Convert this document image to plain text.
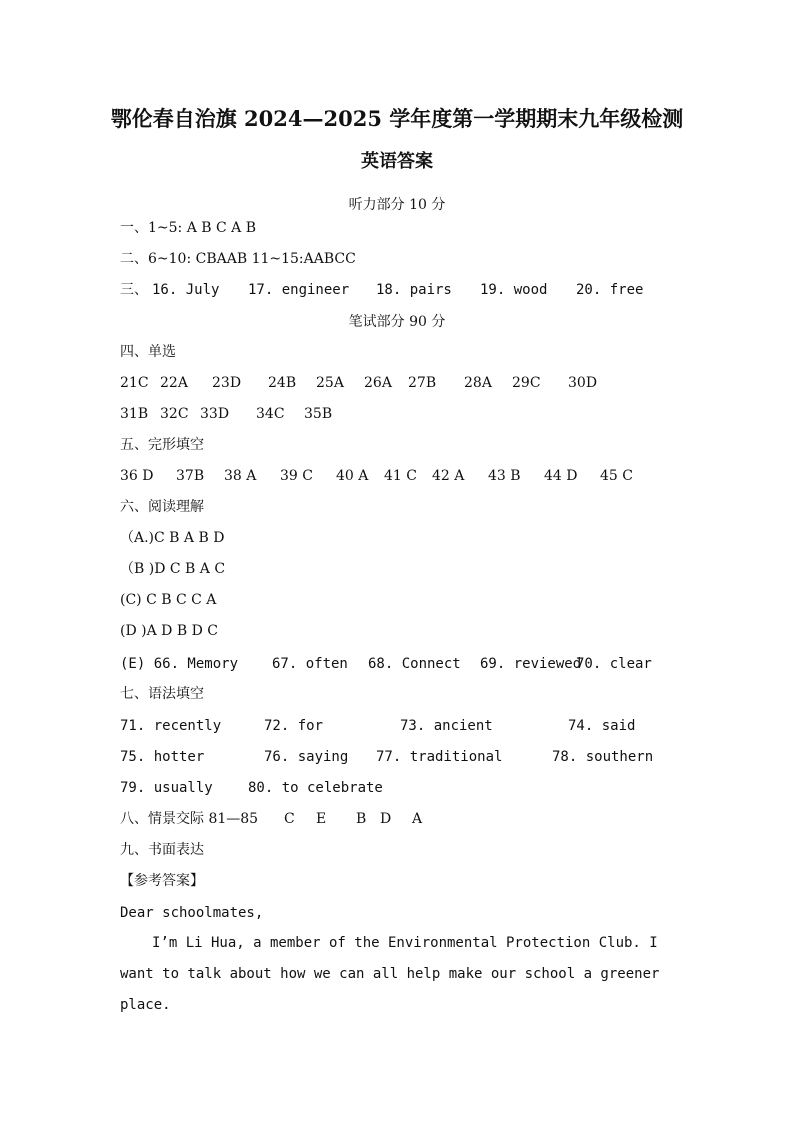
鄂伦春自治旗 2024—2025 学年度第一学期期末九年级检测
英语答案
听力部分 10 分
一、1~5: A B C A B
二、6~10: CBAAB 11~15:AABCC
三、 16. July 17. engineer 18. pairs 19. wood 20. free
笔试部分 90 分
四、单选
21C 22A 23D 24B 25A 26A 27B 28A 29C 30D
31B 32C 33D 34C 35B
五、完形填空
36 D 37B 38 A 39 C 40 A 41 C 42 A 43 B 44 D 45 C
六、阅读理解
（A.)C B A B D
（B )D C B A C
(C) C B C C A
(D )A D B D C
(E) 66. Memory 67. often 68. Connect 69. reviewed
70. clear
七、语法填空
71. recently	72. for	73. ancient	74. said
75. hotter	76. saying 77. traditional	78. southern
79. usually	80. to celebrate
八、情景交际 81—85 C E B D A
九、书面表达
【参考答案】
Dear schoolmates,
I’m Li Hua, a member of the Environmental Protection Club. I want to talk about how we can all help make our school a greener place.
